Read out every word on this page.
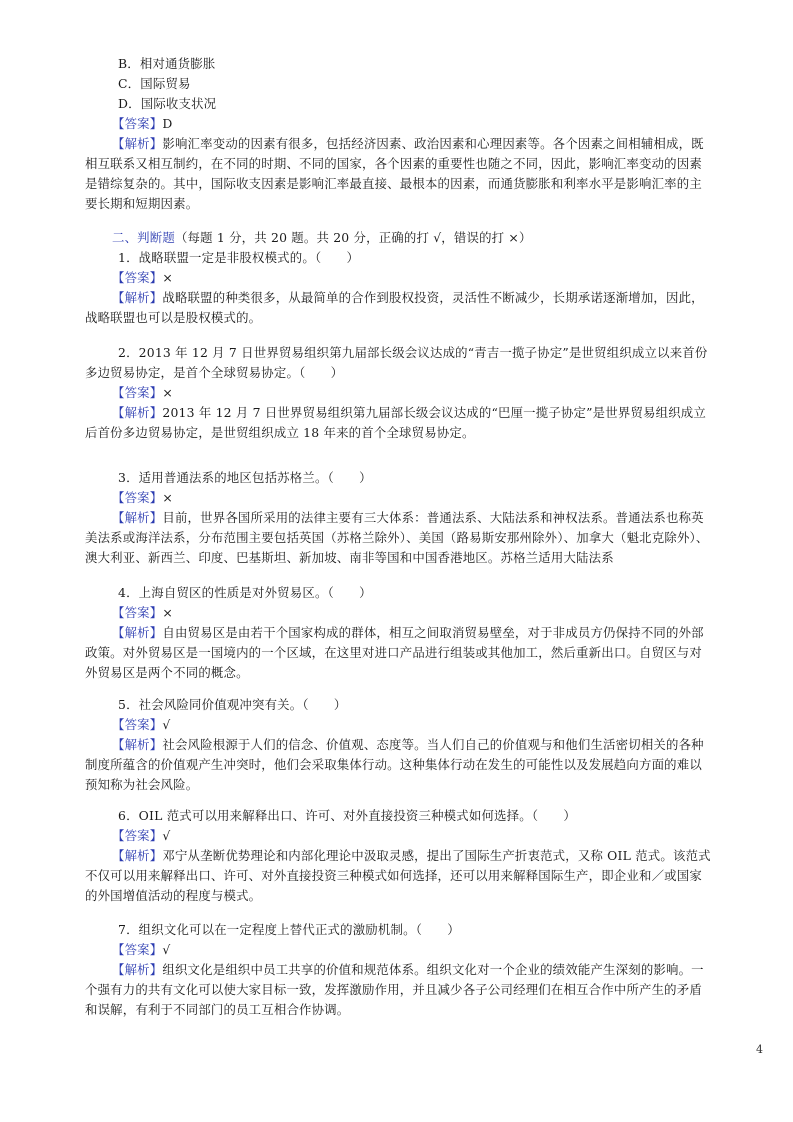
B．相对通货膨胀
C．国际贸易
D．国际收支状况
【答案】D
【解析】影响汇率变动的因素有很多，包括经济因素、政治因素和心理因素等。各个因素之间相辅相成，既
相互联系又相互制约，在不同的时期、不同的国家，各个因素的重要性也随之不同，因此，影响汇率变动的因素
是错综复杂的。其中，国际收支因素是影响汇率最直接、最根本的因素，而通货膨胀和利率水平是影响汇率的主
要长期和短期因素。
二、判断题（每题 1 分，共 20 题。共 20 分，正确的打 √，错误的打 ×）
1．战略联盟一定是非股权模式的。（　　）
【答案】×
【解析】战略联盟的种类很多，从最简单的合作到股权投资，灵活性不断减少，长期承诺逐渐增加，因此，
战略联盟也可以是股权模式的。
2．2013 年 12 月 7 日世界贸易组织第九届部长级会议达成的“青吉一揽子协定”是世贸组织成立以来首份
多边贸易协定，是首个全球贸易协定。（　　）
【答案】×
【解析】2013 年 12 月 7 日世界贸易组织第九届部长级会议达成的“巴厘一揽子协定”是世界贸易组织成立
后首份多边贸易协定，是世贸组织成立 18 年来的首个全球贸易协定。
3．适用普通法系的地区包括苏格兰。（　　）
【答案】×
【解析】目前，世界各国所采用的法律主要有三大体系：普通法系、大陆法系和神权法系。普通法系也称英
美法系或海洋法系，分布范围主要包括英国（苏格兰除外）、美国（路易斯安那州除外）、加拿大（魁北克除外）、
澳大利亚、新西兰、印度、巴基斯坦、新加坡、南非等国和中国香港地区。苏格兰适用大陆法系
4．上海自贸区的性质是对外贸易区。（　　）
【答案】×
【解析】自由贸易区是由若干个国家构成的群体，相互之间取消贸易壁垒，对于非成员方仍保持不同的外部
政策。对外贸易区是一国境内的一个区域，在这里对进口产品进行组装或其他加工，然后重新出口。自贸区与对
外贸易区是两个不同的概念。
5．社会风险同价值观冲突有关。（　　）
【答案】√
【解析】社会风险根源于人们的信念、价值观、态度等。当人们自己的价值观与和他们生活密切相关的各种
制度所蕴含的价值观产生冲突时，他们会采取集体行动。这种集体行动在发生的可能性以及发展趋向方面的难以
预知称为社会风险。
6．OIL 范式可以用来解释出口、许可、对外直接投资三种模式如何选择。（　　）
【答案】√
【解析】邓宁从垄断优势理论和内部化理论中汲取灵感，提出了国际生产折衷范式，又称 OIL 范式。该范式
不仅可以用来解释出口、许可、对外直接投资三种模式如何选择，还可以用来解释国际生产，即企业和／或国家
的外国增值活动的程度与模式。
7．组织文化可以在一定程度上替代正式的激励机制。（　　）
【答案】√
【解析】组织文化是组织中员工共享的价值和规范体系。组织文化对一个企业的绩效能产生深刻的影响。一
个强有力的共有文化可以使大家目标一致，发挥激励作用，并且减少各子公司经理们在相互合作中所产生的矛盾
和误解，有利于不同部门的员工互相合作协调。
4
